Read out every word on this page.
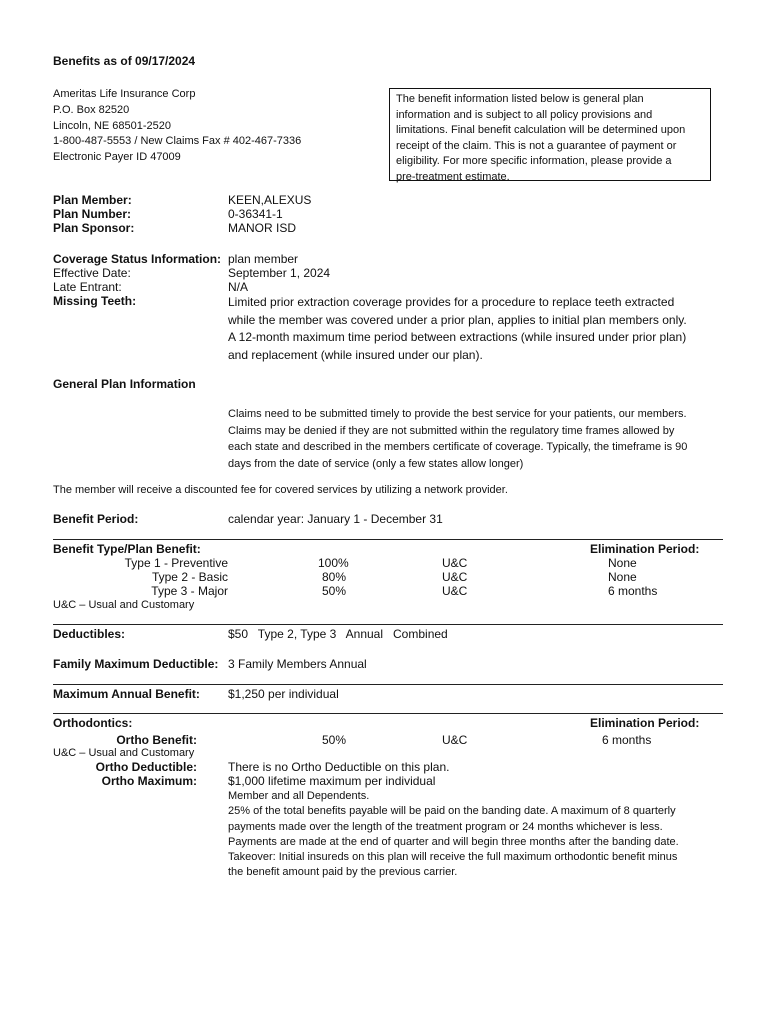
Benefits as of 09/17/2024
Ameritas Life Insurance Corp
P.O. Box 82520
Lincoln, NE 68501-2520
1-800-487-5553 / New Claims Fax # 402-467-7336
Electronic Payer ID 47009
The benefit information listed below is general plan
information and is subject to all policy provisions and
limitations. Final benefit calculation will be determined upon
receipt of the claim. This is not a guarantee of payment or
eligibility. For more specific information, please provide a
pre-treatment estimate.
Plan Member:	KEEN,ALEXUS
Plan Number:	0-36341-1
Plan Sponsor:	MANOR ISD
Coverage Status Information: plan member
Effective Date:	September 1, 2024
Late Entrant:	N/A
Missing Teeth:	Limited prior extraction coverage provides for a procedure to replace teeth extracted
while the member was covered under a prior plan, applies to initial plan members only.
A 12-month maximum time period between extractions (while insured under prior plan)
and replacement (while insured under our plan).
General Plan Information
Claims need to be submitted timely to provide the best service for your patients, our members.
Claims may be denied if they are not submitted within the regulatory time frames allowed by
each state and described in the members certificate of coverage. Typically, the timeframe is 90
days from the date of service (only a few states allow longer)
The member will receive a discounted fee for covered services by utilizing a network provider.
Benefit Period:	calendar year: January 1 - December 31
Benefit Type/Plan Benefit:	Elimination Period:
Type 1 - Preventive	100%	U&C	None
Type 2 - Basic	80%	U&C	None
Type 3 - Major	50%	U&C	6 months
U&C – Usual and Customary
Deductibles:	$50   Type 2, Type 3   Annual   Combined
Family Maximum Deductible: 3 Family Members Annual
Maximum Annual Benefit: $1,250 per individual
Orthodontics:	Elimination Period:
Ortho Benefit:	50%	U&C	6 months
U&C – Usual and Customary
Ortho Deductible:	There is no Ortho Deductible on this plan.
Ortho Maximum:	$1,000 lifetime maximum per individual
Member and all Dependents.
25% of the total benefits payable will be paid on the banding date. A maximum of 8 quarterly
payments made over the length of the treatment program or 24 months whichever is less.
Payments are made at the end of quarter and will begin three months after the banding date.
Takeover: Initial insureds on this plan will receive the full maximum orthodontic benefit minus
the benefit amount paid by the previous carrier.
